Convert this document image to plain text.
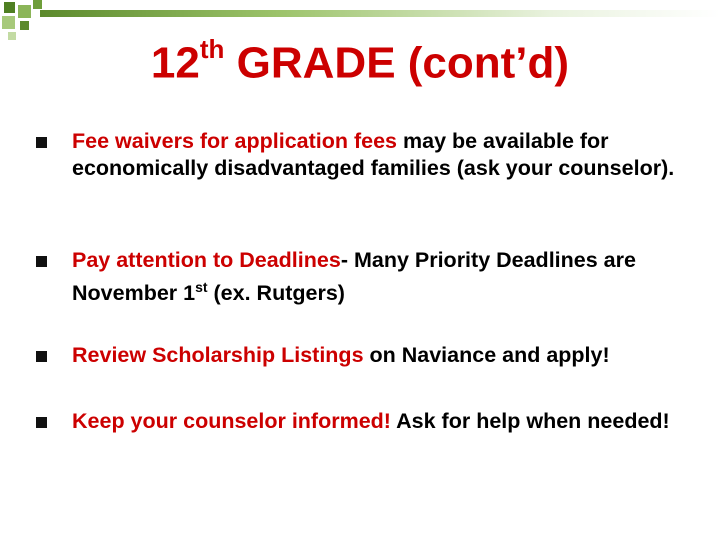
12th GRADE (cont’d)
Fee waivers for application fees may be available for economically disadvantaged families (ask your counselor).
Pay attention to Deadlines- Many Priority Deadlines are November 1st (ex. Rutgers)
Review Scholarship Listings on Naviance and apply!
Keep your counselor informed! Ask for help when needed!
